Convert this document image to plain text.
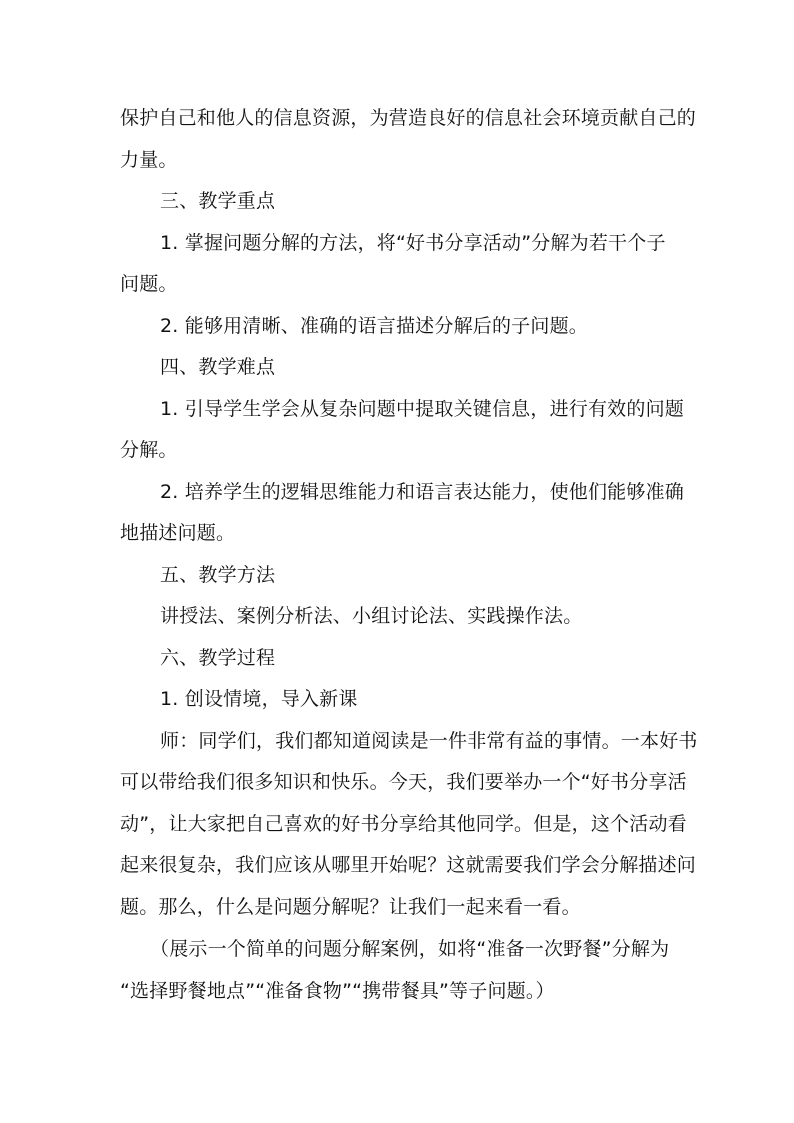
保护自己和他人的信息资源，为营造良好的信息社会环境贡献自己的
力量。
三、教学重点
1. 掌握问题分解的方法，将“好书分享活动”分解为若干个子
问题。
2. 能够用清晰、准确的语言描述分解后的子问题。
四、教学难点
1. 引导学生学会从复杂问题中提取关键信息，进行有效的问题
分解。
2. 培养学生的逻辑思维能力和语言表达能力，使他们能够准确
地描述问题。
五、教学方法
讲授法、案例分析法、小组讨论法、实践操作法。
六、教学过程
1. 创设情境，导入新课
师：同学们，我们都知道阅读是一件非常有益的事情。一本好书
可以带给我们很多知识和快乐。今天，我们要举办一个“好书分享活
动”，让大家把自己喜欢的好书分享给其他同学。但是，这个活动看
起来很复杂，我们应该从哪里开始呢？这就需要我们学会分解描述问
题。那么，什么是问题分解呢？让我们一起来看一看。
（展示一个简单的问题分解案例，如将“准备一次野餐”分解为
“选择野餐地点”“准备食物”“携带餐具”等子问题。）
